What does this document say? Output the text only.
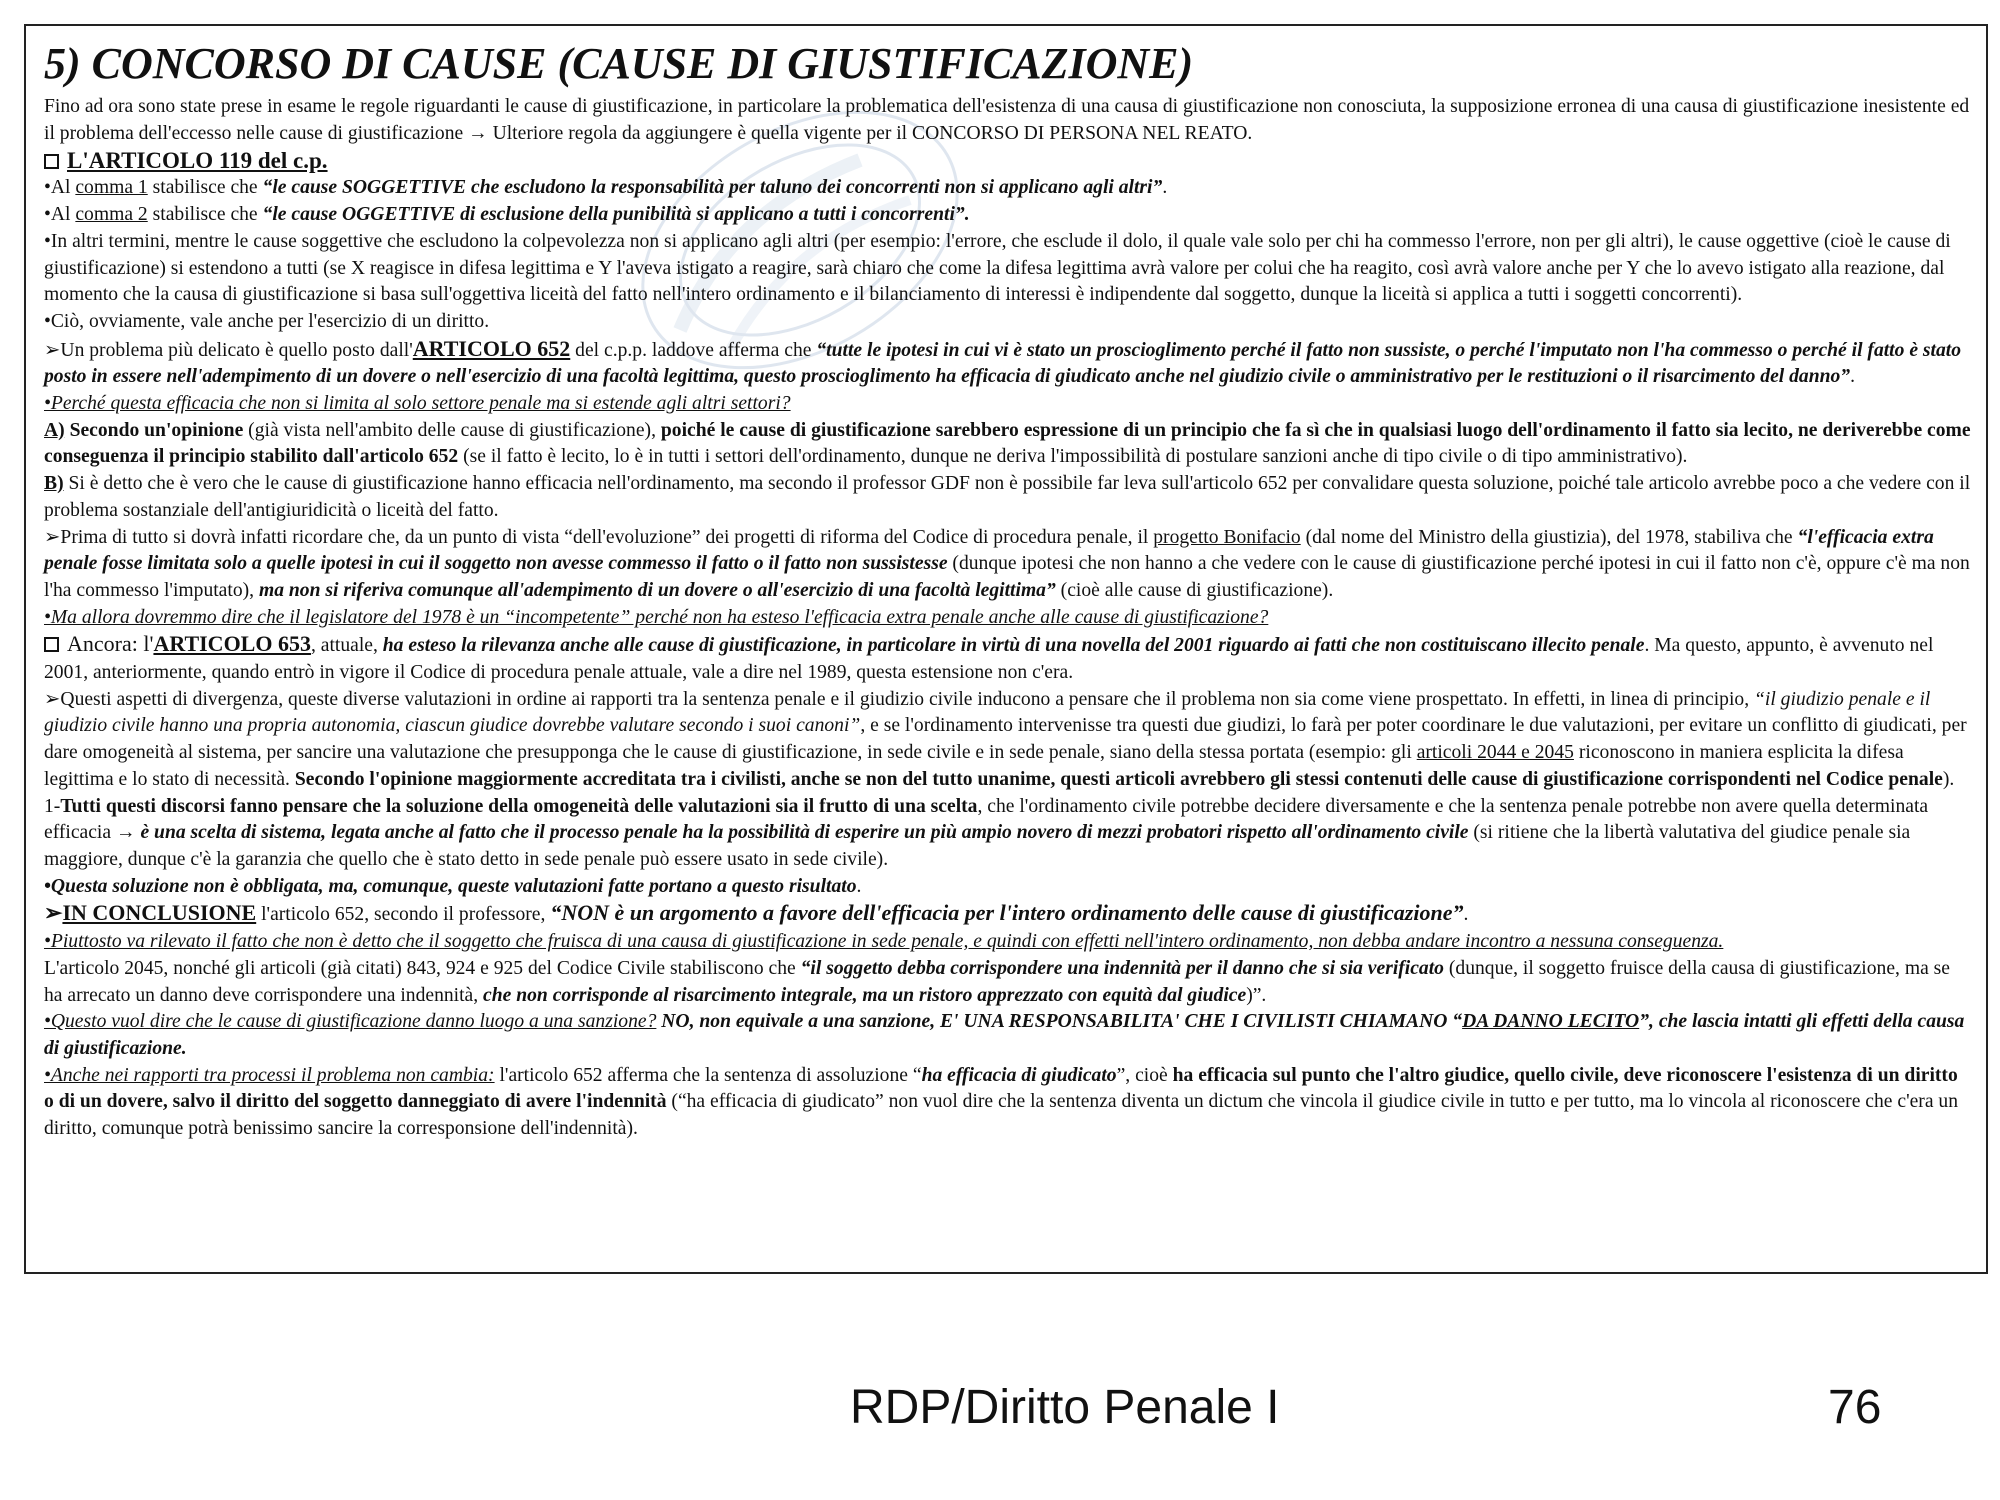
5) CONCORSO DI CAUSE (CAUSE DI GIUSTIFICAZIONE)

Fino ad ora sono state prese in esame le regole riguardanti le cause di giustificazione, in particolare la problematica dell'esistenza di una causa di giustificazione non conosciuta, la supposizione erronea di una causa di giustificazione inesistente ed il problema dell'eccesso nelle cause di giustificazione → Ulteriore regola da aggiungere è quella vigente per il CONCORSO DI PERSONA NEL REATO.

L'ARTICOLO 119 del c.p.

•Al comma 1 stabilisce che “le cause SOGGETTIVE che escludono la responsabilità per taluno dei concorrenti non si applicano agli altri”.

•Al comma 2 stabilisce che “le cause OGGETTIVE di esclusione della punibilità si applicano a tutti i concorrenti”.

•In altri termini, mentre le cause soggettive che escludono la colpevolezza non si applicano agli altri (per esempio: l'errore, che esclude il dolo, il quale vale solo per chi ha commesso l'errore, non per gli altri), le cause oggettive (cioè le cause di giustificazione) si estendono a tutti (se X reagisce in difesa legittima e Y l'aveva istigato a reagire, sarà chiaro che come la difesa legittima avrà valore per colui che ha reagito, così avrà valore anche per Y che lo avevo istigato alla reazione, dal momento che la causa di giustificazione si basa sull'oggettiva liceità del fatto nell'intero ordinamento e il bilanciamento di interessi è indipendente dal soggetto, dunque la liceità si applica a tutti i soggetti concorrenti).

•Ciò, ovviamente, vale anche per l'esercizio di un diritto.

➢Un problema più delicato è quello posto dall'ARTICOLO 652 del c.p.p. laddove afferma che “tutte le ipotesi in cui vi è stato un proscioglimento perché il fatto non sussiste, o perché l'imputato non l'ha commesso o perché il fatto è stato posto in essere nell'adempimento di un dovere o nell'esercizio di una facoltà legittima, questo proscioglimento ha efficacia di giudicato anche nel giudizio civile o amministrativo per le restituzioni o il risarcimento del danno”.

•Perché questa efficacia che non si limita al solo settore penale ma si estende agli altri settori?

A) Secondo un'opinione (già vista nell'ambito delle cause di giustificazione), poiché le cause di giustificazione sarebbero espressione di un principio che fa sì che in qualsiasi luogo dell'ordinamento il fatto sia lecito, ne deriverebbe come conseguenza il principio stabilito dall'articolo 652 (se il fatto è lecito, lo è in tutti i settori dell'ordinamento, dunque ne deriva l'impossibilità di postulare sanzioni anche di tipo civile o di tipo amministrativo).

B) Si è detto che è vero che le cause di giustificazione hanno efficacia nell'ordinamento, ma secondo il professor GDF non è possibile far leva sull'articolo 652 per convalidare questa soluzione, poiché tale articolo avrebbe poco a che vedere con il problema sostanziale dell'antigiuridicità o liceità del fatto.

➢Prima di tutto si dovrà infatti ricordare che, da un punto di vista “dell'evoluzione” dei progetti di riforma del Codice di procedura penale, il progetto Bonifacio (dal nome del Ministro della giustizia), del 1978, stabiliva che “l'efficacia extra penale fosse limitata solo a quelle ipotesi in cui il soggetto non avesse commesso il fatto o il fatto non sussistesse (dunque ipotesi che non hanno a che vedere con le cause di giustificazione perché ipotesi in cui il fatto non c'è, oppure c'è ma non l'ha commesso l'imputato), ma non si riferiva comunque all'adempimento di un dovere o all'esercizio di una facoltà legittima” (cioè alle cause di giustificazione).

•Ma allora dovremmo dire che il legislatore del 1978 è un “incompetente” perché non ha esteso l'efficacia extra penale anche alle cause di giustificazione?

Ancora: l'ARTICOLO 653, attuale, ha esteso la rilevanza anche alle cause di giustificazione, in particolare in virtù di una novella del 2001 riguardo ai fatti che non costituiscano illecito penale. Ma questo, appunto, è avvenuto nel 2001, anteriormente, quando entrò in vigore il Codice di procedura penale attuale, vale a dire nel 1989, questa estensione non c'era.

➢Questi aspetti di divergenza, queste diverse valutazioni in ordine ai rapporti tra la sentenza penale e il giudizio civile inducono a pensare che il problema non sia come viene prospettato. In effetti, in linea di principio, “il giudizio penale e il giudizio civile hanno una propria autonomia, ciascun giudice dovrebbe valutare secondo i suoi canoni”, e se l'ordinamento intervenisse tra questi due giudizi, lo farà per poter coordinare le due valutazioni, per evitare un conflitto di giudicati, per dare omogeneità al sistema, per sancire una valutazione che presupponga che le cause di giustificazione, in sede civile e in sede penale, siano della stessa portata (esempio: gli articoli 2044 e 2045 riconoscono in maniera esplicita la difesa legittima e lo stato di necessità. Secondo l'opinione maggiormente accreditata tra i civilisti, anche se non del tutto unanime, questi articoli avrebbero gli stessi contenuti delle cause di giustificazione corrispondenti nel Codice penale). 1-Tutti questi discorsi fanno pensare che la soluzione della omogeneità delle valutazioni sia il frutto di una scelta, che l'ordinamento civile potrebbe decidere diversamente e che la sentenza penale potrebbe non avere quella determinata efficacia → è una scelta di sistema, legata anche al fatto che il processo penale ha la possibilità di esperire un più ampio novero di mezzi probatori rispetto all'ordinamento civile (si ritiene che la libertà valutativa del giudice penale sia maggiore, dunque c'è la garanzia che quello che è stato detto in sede penale può essere usato in sede civile).

•Questa soluzione non è obbligata, ma, comunque, queste valutazioni fatte portano a questo risultato.

➢IN CONCLUSIONE l'articolo 652, secondo il professore, “NON è un argomento a favore dell'efficacia per l'intero ordinamento delle cause di giustificazione”.

•Piuttosto va rilevato il fatto che non è detto che il soggetto che fruisca di una causa di giustificazione in sede penale, e quindi con effetti nell'intero ordinamento, non debba andare incontro a nessuna conseguenza.

L'articolo 2045, nonché gli articoli (già citati) 843, 924 e 925 del Codice Civile stabiliscono che “il soggetto debba corrispondere una indennità per il danno che si sia verificato (dunque, il soggetto fruisce della causa di giustificazione, ma se ha arrecato un danno deve corrispondere una indennità, che non corrisponde al risarcimento integrale, ma un ristoro apprezzato con equità dal giudice)”.

•Questo vuol dire che le cause di giustificazione danno luogo a una sanzione? NO, non equivale a una sanzione, E' UNA RESPONSABILITA' CHE I CIVILISTI CHIAMANO “DA DANNO LECITO”, che lascia intatti gli effetti della causa di giustificazione.

•Anche nei rapporti tra processi il problema non cambia: l'articolo 652 afferma che la sentenza di assoluzione “ha efficacia di giudicato”, cioè ha efficacia sul punto che l'altro giudice, quello civile, deve riconoscere l'esistenza di un diritto o di un dovere, salvo il diritto del soggetto danneggiato di avere l'indennità (“ha efficacia di giudicato” non vuol dire che la sentenza diventa un dictum che vincola il giudice civile in tutto e per tutto, ma lo vincola al riconoscere che c'era un diritto, comunque potrà benissimo sancire la corresponsione dell'indennità).

RDP/Diritto Penale I	76
